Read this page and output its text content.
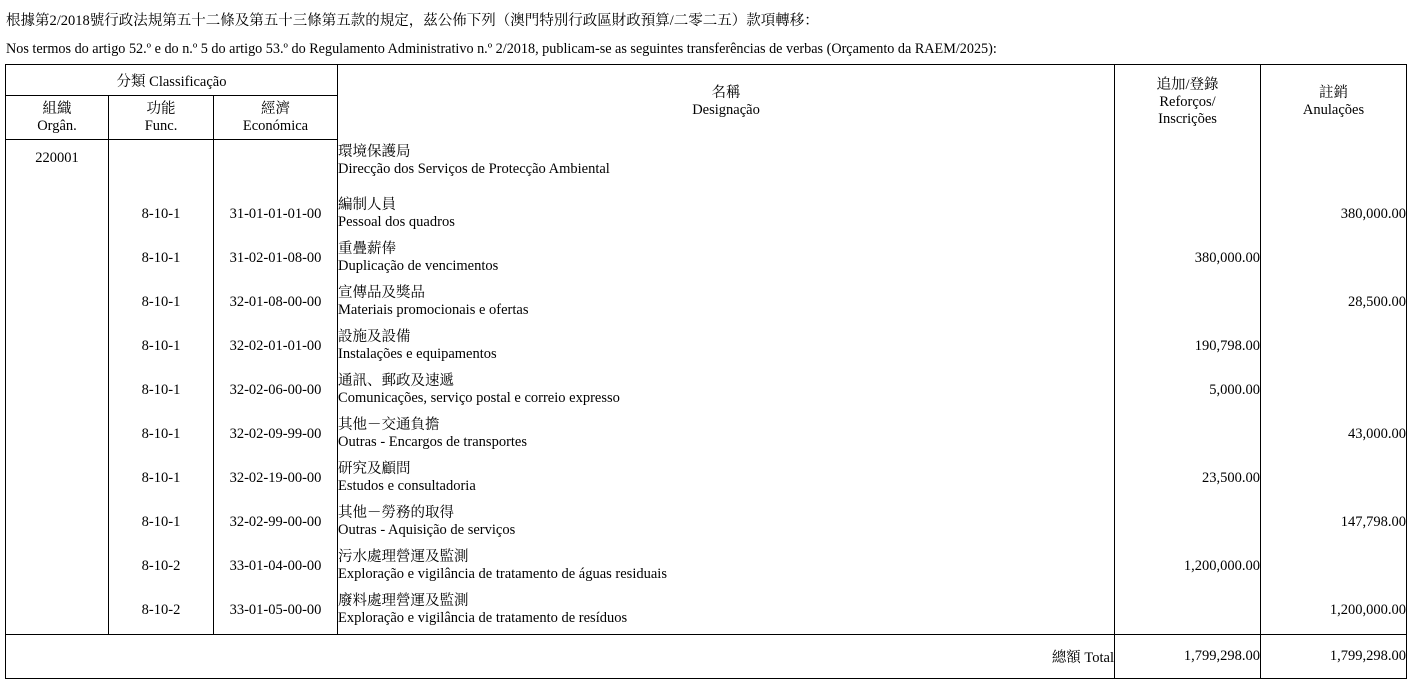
根據第2/2018號行政法規第五十二條及第五十三條第五款的規定，茲公佈下列（澳門特別行政區財政預算/二零二五）款項轉移：
Nos termos do artigo 52.º e do n.º 5 do artigo 53.º do Regulamento Administrativo n.º 2/2018, publicam-se as seguintes transferências de verbas (Orçamento da RAEM/2025):
分類 Classificação			名稱
Designação	追加/登錄
Reforços/
Inscrições	註銷
Anulações

組織
Orgân.	功能
Func.	經濟
Económica			

220001			環境保護局
Direcção dos Serviços de Protecção Ambiental		

	8-10-1	31-01-01-01-00	編制人員
Pessoal dos quadros		380,000.00
	8-10-1	31-02-01-08-00	重疊薪俸
Duplicação de vencimentos	380,000.00	
	8-10-1	32-01-08-00-00	宣傳品及獎品
Materiais promocionais e ofertas		28,500.00
	8-10-1	32-02-01-01-00	設施及設備
Instalações e equipamentos	190,798.00	
	8-10-1	32-02-06-00-00	通訊、郵政及速遞
Comunicações, serviço postal e correio expresso	5,000.00	
	8-10-1	32-02-09-99-00	其他－交通負擔
Outras - Encargos de transportes		43,000.00
	8-10-1	32-02-19-00-00	研究及顧問
Estudos e consultadoria	23,500.00	
	8-10-1	32-02-99-00-00	其他－勞務的取得
Outras - Aquisição de serviços		147,798.00
	8-10-2	33-01-04-00-00	污水處理營運及監測
Exploração e vigilância de tratamento de águas residuais	1,200,000.00	
	8-10-2	33-01-05-00-00	廢料處理營運及監測
Exploração e vigilância de tratamento de resíduos		1,200,000.00
總額 Total				1,799,298.00	1,799,298.00
